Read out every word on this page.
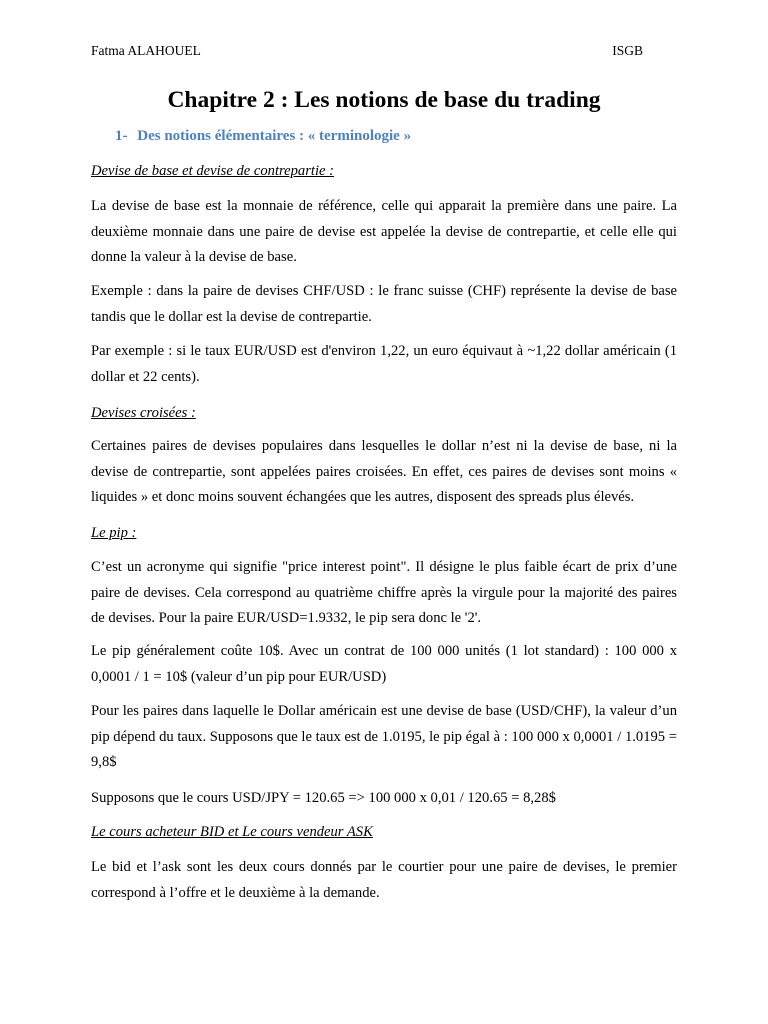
Fatma ALAHOUEL	ISGB
Chapitre 2 : Les notions de base du trading
1- Des notions élémentaires : « terminologie »
Devise de base et devise de contrepartie :

La devise de base est la monnaie de référence, celle qui apparait la première dans une paire. La deuxième monnaie dans une paire de devise est appelée la devise de contrepartie, et celle elle qui donne la valeur à la devise de base.

Exemple : dans la paire de devises CHF/USD : le franc suisse (CHF) représente la devise de base tandis que le dollar est la devise de contrepartie.

Par exemple : si le taux EUR/USD est d'environ 1,22, un euro équivaut à ~1,22 dollar américain (1 dollar et 22 cents).

Devises croisées :

Certaines paires de devises populaires dans lesquelles le dollar n’est ni la devise de base, ni la devise de contrepartie, sont appelées paires croisées. En effet, ces paires de devises sont moins « liquides » et donc moins souvent échangées que les autres, disposent des spreads plus élevés.

Le pip :

C’est un acronyme qui signifie "price interest point". Il désigne le plus faible écart de prix d’une paire de devises. Cela correspond au quatrième chiffre après la virgule pour la majorité des paires de devises. Pour la paire EUR/USD=1.9332, le pip sera donc le '2'.

Le pip généralement coûte 10$. Avec un contrat de 100 000 unités (1 lot standard) : 100 000 x 0,0001 / 1 = 10$ (valeur d’un pip pour EUR/USD)

Pour les paires dans laquelle le Dollar américain est une devise de base (USD/CHF), la valeur d’un pip dépend du taux. Supposons que le taux est de 1.0195, le pip égal à : 100 000 x 0,0001 / 1.0195 = 9,8$

Supposons que le cours USD/JPY = 120.65 => 100 000 x 0,01 / 120.65 = 8,28$

Le cours acheteur BID et Le cours vendeur ASK

Le bid et l’ask sont les deux cours donnés par le courtier pour une paire de devises, le premier correspond à l’offre et le deuxième à la demande.
